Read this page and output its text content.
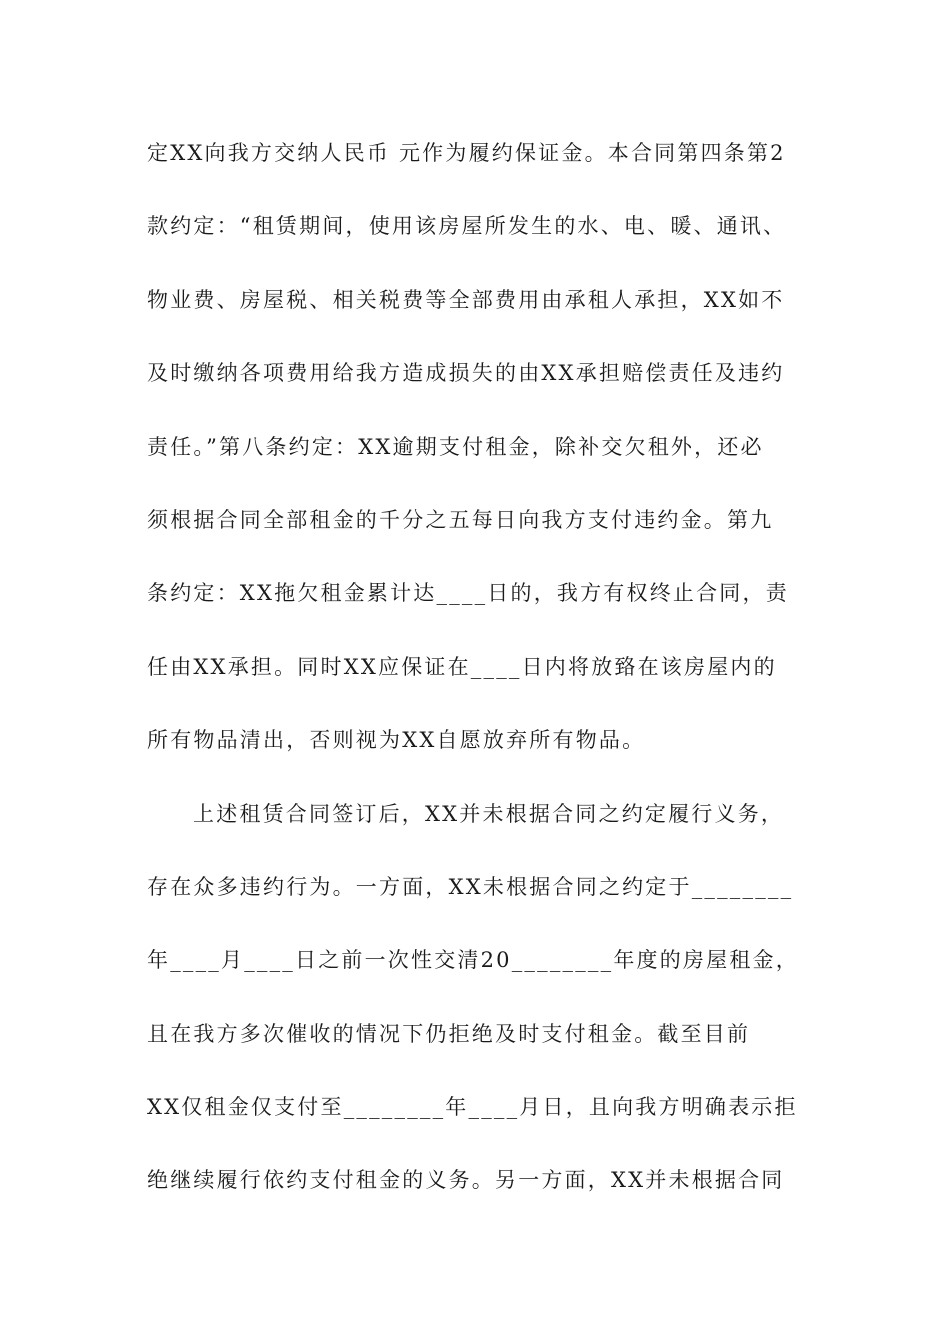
定XX向我方交纳人民币 元作为履约保证金。本合同第四条第2
款约定：“租赁期间，使用该房屋所发生的水、电、暖、通讯、
物业费、房屋税、相关税费等全部费用由承租人承担，XX如不
及时缴纳各项费用给我方造成损失的由XX承担赔偿责任及违约
责任。”第八条约定：XX逾期支付租金，除补交欠租外，还必
须根据合同全部租金的千分之五每日向我方支付违约金。第九
条约定：XX拖欠租金累计达____日的，我方有权终止合同，责
任由XX承担。同时XX应保证在____日内将放臵在该房屋内的
所有物品清出，否则视为XX自愿放弃所有物品。
上述租赁合同签订后，XX并未根据合同之约定履行义务，
存在众多违约行为。一方面，XX未根据合同之约定于________
年____月____日之前一次性交清20________年度的房屋租金，
且在我方多次催收的情况下仍拒绝及时支付租金。截至目前
XX仅租金仅支付至________年____月日，且向我方明确表示拒
绝继续履行依约支付租金的义务。另一方面，XX并未根据合同
